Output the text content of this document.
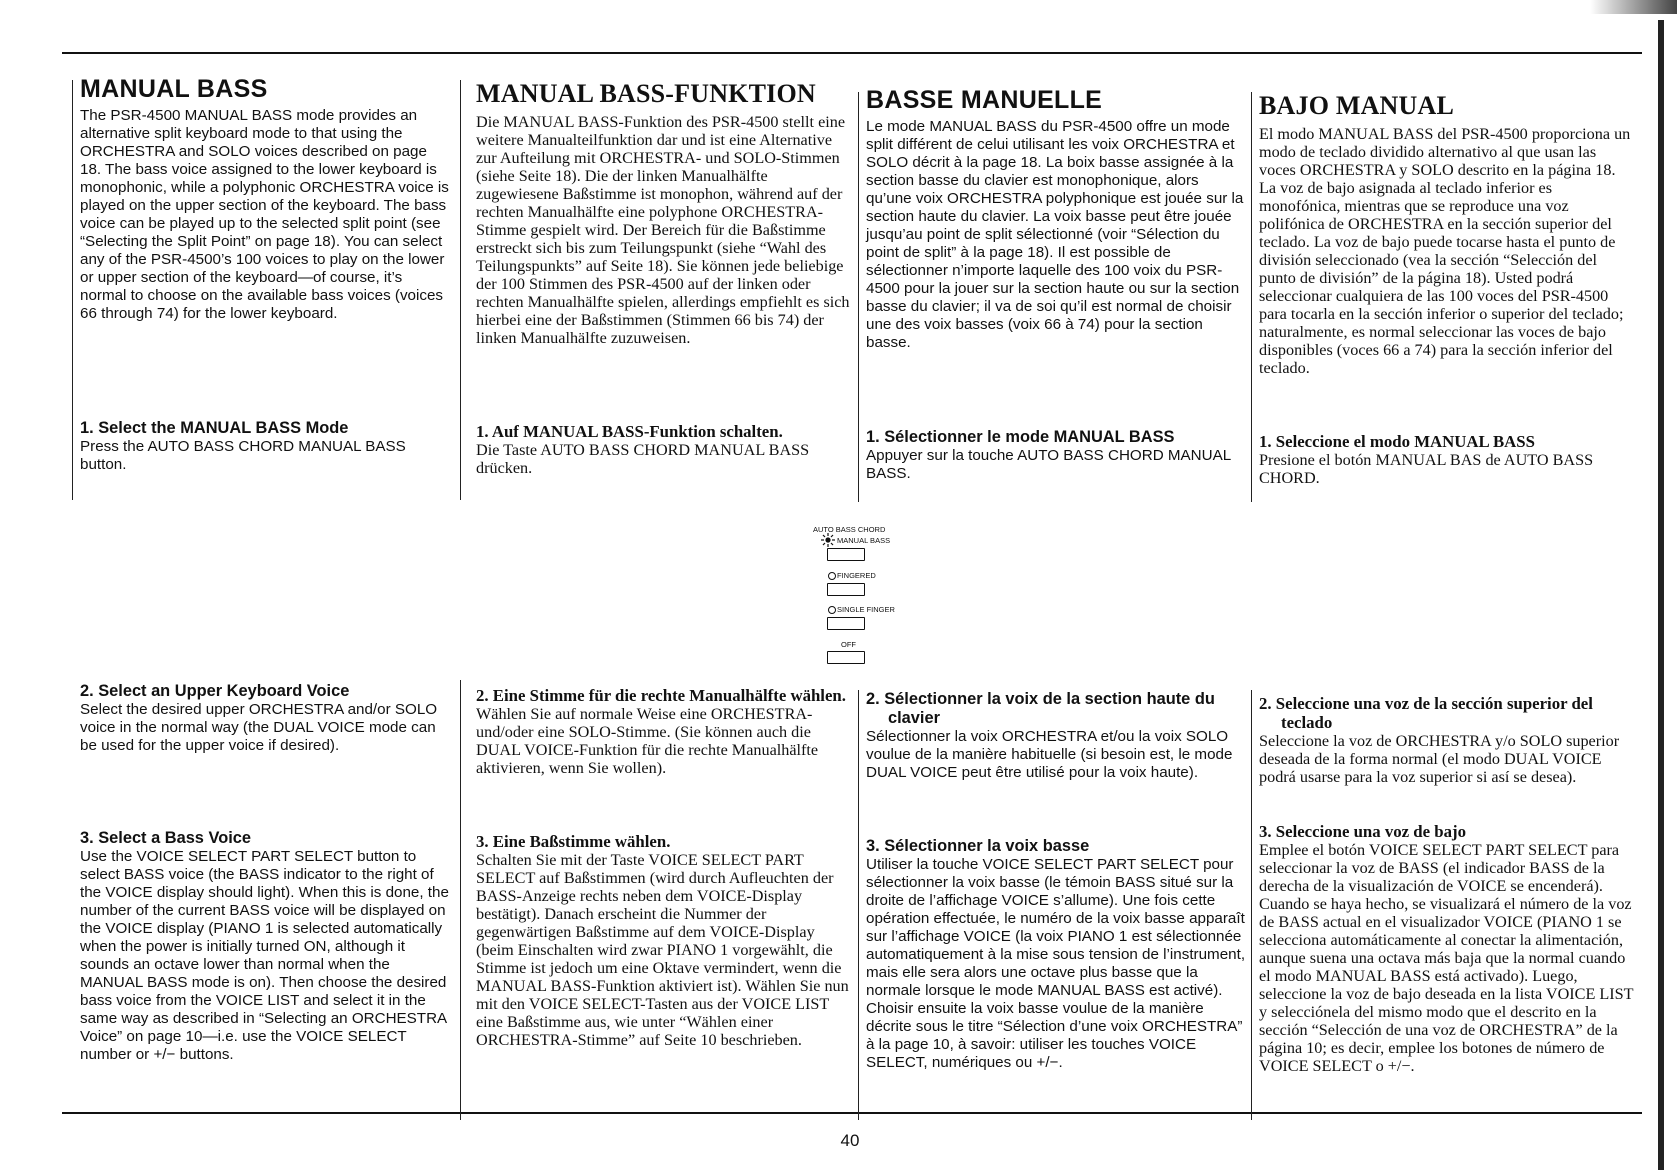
MANUAL BASS

The PSR-4500 MANUAL BASS mode provides an alternative split keyboard mode to that using the ORCHESTRA and SOLO voices described on page 18. The bass voice assigned to the lower keyboard is monophonic, while a polyphonic ORCHESTRA voice is played on the upper section of the keyboard. The bass voice can be played up to the selected split point (see “Selecting the Split Point” on page 18). You can select any of the PSR-4500’s 100 voices to play on the lower or upper section of the keyboard—of course, it’s normal to choose on the available bass voices (voices 66 through 74) for the lower keyboard.

1. Select the MANUAL BASS Mode

Press the AUTO BASS CHORD MANUAL BASS button.

2. Select an Upper Keyboard Voice

Select the desired upper ORCHESTRA and/or SOLO voice in the normal way (the DUAL VOICE mode can be used for the upper voice if desired).

3. Select a Bass Voice

Use the VOICE SELECT PART SELECT button to select BASS voice (the BASS indicator to the right of the VOICE display should light). When this is done, the number of the current BASS voice will be displayed on the VOICE display (PIANO 1 is selected automatically when the power is initially turned ON, although it sounds an octave lower than normal when the MANUAL BASS mode is on). Then choose the desired bass voice from the VOICE LIST and select it in the same way as described in “Selecting an ORCHESTRA Voice” on page 10—i.e. use the VOICE SELECT number or +/− buttons.

MANUAL BASS-FUNKTION

Die MANUAL BASS-Funktion des PSR-4500 stellt eine weitere Manualteilfunktion dar und ist eine Alternative zur Aufteilung mit ORCHESTRA- und SOLO-Stimmen (siehe Seite 18). Die der linken Manualhälfte zugewiesene Baßstimme ist monophon, während auf der rechten Manualhälfte eine polyphone ORCHESTRA-Stimme gespielt wird. Der Bereich für die Baßstimme erstreckt sich bis zum Teilungspunkt (siehe “Wahl des Teilungspunkts” auf Seite 18). Sie können jede beliebige der 100 Stimmen des PSR-4500 auf der linken oder rechten Manualhälfte spielen, allerdings empfiehlt es sich hierbei eine der Baßstimmen (Stimmen 66 bis 74) der linken Manualhälfte zuzuweisen.

1. Auf MANUAL BASS-Funktion schalten.

Die Taste AUTO BASS CHORD MANUAL BASS drücken.

2. Eine Stimme für die rechte Manualhälfte wählen.

Wählen Sie auf normale Weise eine ORCHESTRA- und/oder eine SOLO-Stimme. (Sie können auch die DUAL VOICE-Funktion für die rechte Manualhälfte aktivieren, wenn Sie wollen).

3. Eine Baßstimme wählen.

Schalten Sie mit der Taste VOICE SELECT PART SELECT auf Baßstimmen (wird durch Aufleuchten der BASS-Anzeige rechts neben dem VOICE-Display bestätigt). Danach erscheint die Nummer der gegenwärtigen Baßstimme auf dem VOICE-Display (beim Einschalten wird zwar PIANO 1 vorgewählt, die Stimme ist jedoch um eine Oktave vermindert, wenn die MANUAL BASS-Funktion aktiviert ist). Wählen Sie nun mit den VOICE SELECT-Tasten aus der VOICE LIST eine Baßstimme aus, wie unter “Wählen einer ORCHESTRA-Stimme” auf Seite 10 beschrieben.

BASSE MANUELLE

Le mode MANUAL BASS du PSR-4500 offre un mode split différent de celui utilisant les voix ORCHESTRA et SOLO décrit à la page 18. La boix basse assignée à la section basse du clavier est monophonique, alors qu’une voix ORCHESTRA polyphonique est jouée sur la section haute du clavier. La voix basse peut être jouée jusqu’au point de split sélectionné (voir “Sélection du point de split” à la page 18). Il est possible de sélectionner n’importe laquelle des 100 voix du PSR-4500 pour la jouer sur la section haute ou sur la section basse du clavier; il va de soi qu’il est normal de choisir une des voix basses (voix 66 à 74) pour la section basse.

1. Sélectionner le mode MANUAL BASS

Appuyer sur la touche AUTO BASS CHORD MANUAL BASS.

2. Sélectionner la voix de la section haute du clavier

Sélectionner la voix ORCHESTRA et/ou la voix SOLO voulue de la manière habituelle (si besoin est, le mode DUAL VOICE peut être utilisé pour la voix haute).

3. Sélectionner la voix basse

Utiliser la touche VOICE SELECT PART SELECT pour sélectionner la voix basse (le témoin BASS situé sur la droite de l’affichage VOICE s’allume). Une fois cette opération effectuée, le numéro de la voix basse apparaît sur l’affichage VOICE (la voix PIANO 1 est sélectionnée automatiquement à la mise sous tension de l’instrument, mais elle sera alors une octave plus basse que la normale lorsque le mode MANUAL BASS est activé). Choisir ensuite la voix basse voulue de la manière décrite sous le titre “Sélection d’une voix ORCHESTRA” à la page 10, à savoir: utiliser les touches VOICE SELECT, numériques ou +/−.

BAJO MANUAL

El modo MANUAL BASS del PSR-4500 proporciona un modo de teclado dividido alternativo al que usan las voces ORCHESTRA y SOLO descrito en la página 18. La voz de bajo asignada al teclado inferior es monofónica, mientras que se reproduce una voz polifónica de ORCHESTRA en la sección superior del teclado. La voz de bajo puede tocarse hasta el punto de división seleccionado (vea la sección “Selección del punto de división” de la página 18). Usted podrá seleccionar cualquiera de las 100 voces del PSR-4500 para tocarla en la sección inferior o superior del teclado; naturalmente, es normal seleccionar las voces de bajo disponibles (voces 66 a 74) para la sección inferior del teclado.

1. Seleccione el modo MANUAL BASS

Presione el botón MANUAL BAS de AUTO BASS CHORD.

2. Seleccione una voz de la sección superior del teclado

Seleccione la voz de ORCHESTRA y/o SOLO superior deseada de la forma normal (el modo DUAL VOICE podrá usarse para la voz superior si así se desea).

3. Seleccione una voz de bajo

Emplee el botón VOICE SELECT PART SELECT para seleccionar la voz de BASS (el indicador BASS de la derecha de la visualización de VOICE se encenderá). Cuando se haya hecho, se visualizará el número de la voz de BASS actual en el visualizador VOICE (PIANO 1 se selecciona automáticamente al conectar la alimentación, aunque suena una octava más baja que la normal cuando el modo MANUAL BASS está activado). Luego, seleccione la voz de bajo deseada en la lista VOICE LIST y selecciónela del mismo modo que el descrito en la sección “Selección de una voz de ORCHESTRA” de la página 10; es decir, emplee los botones de número de VOICE SELECT o +/−.

AUTO BASS CHORD
MANUAL BASS
FINGERED
SINGLE FINGER
OFF
40
